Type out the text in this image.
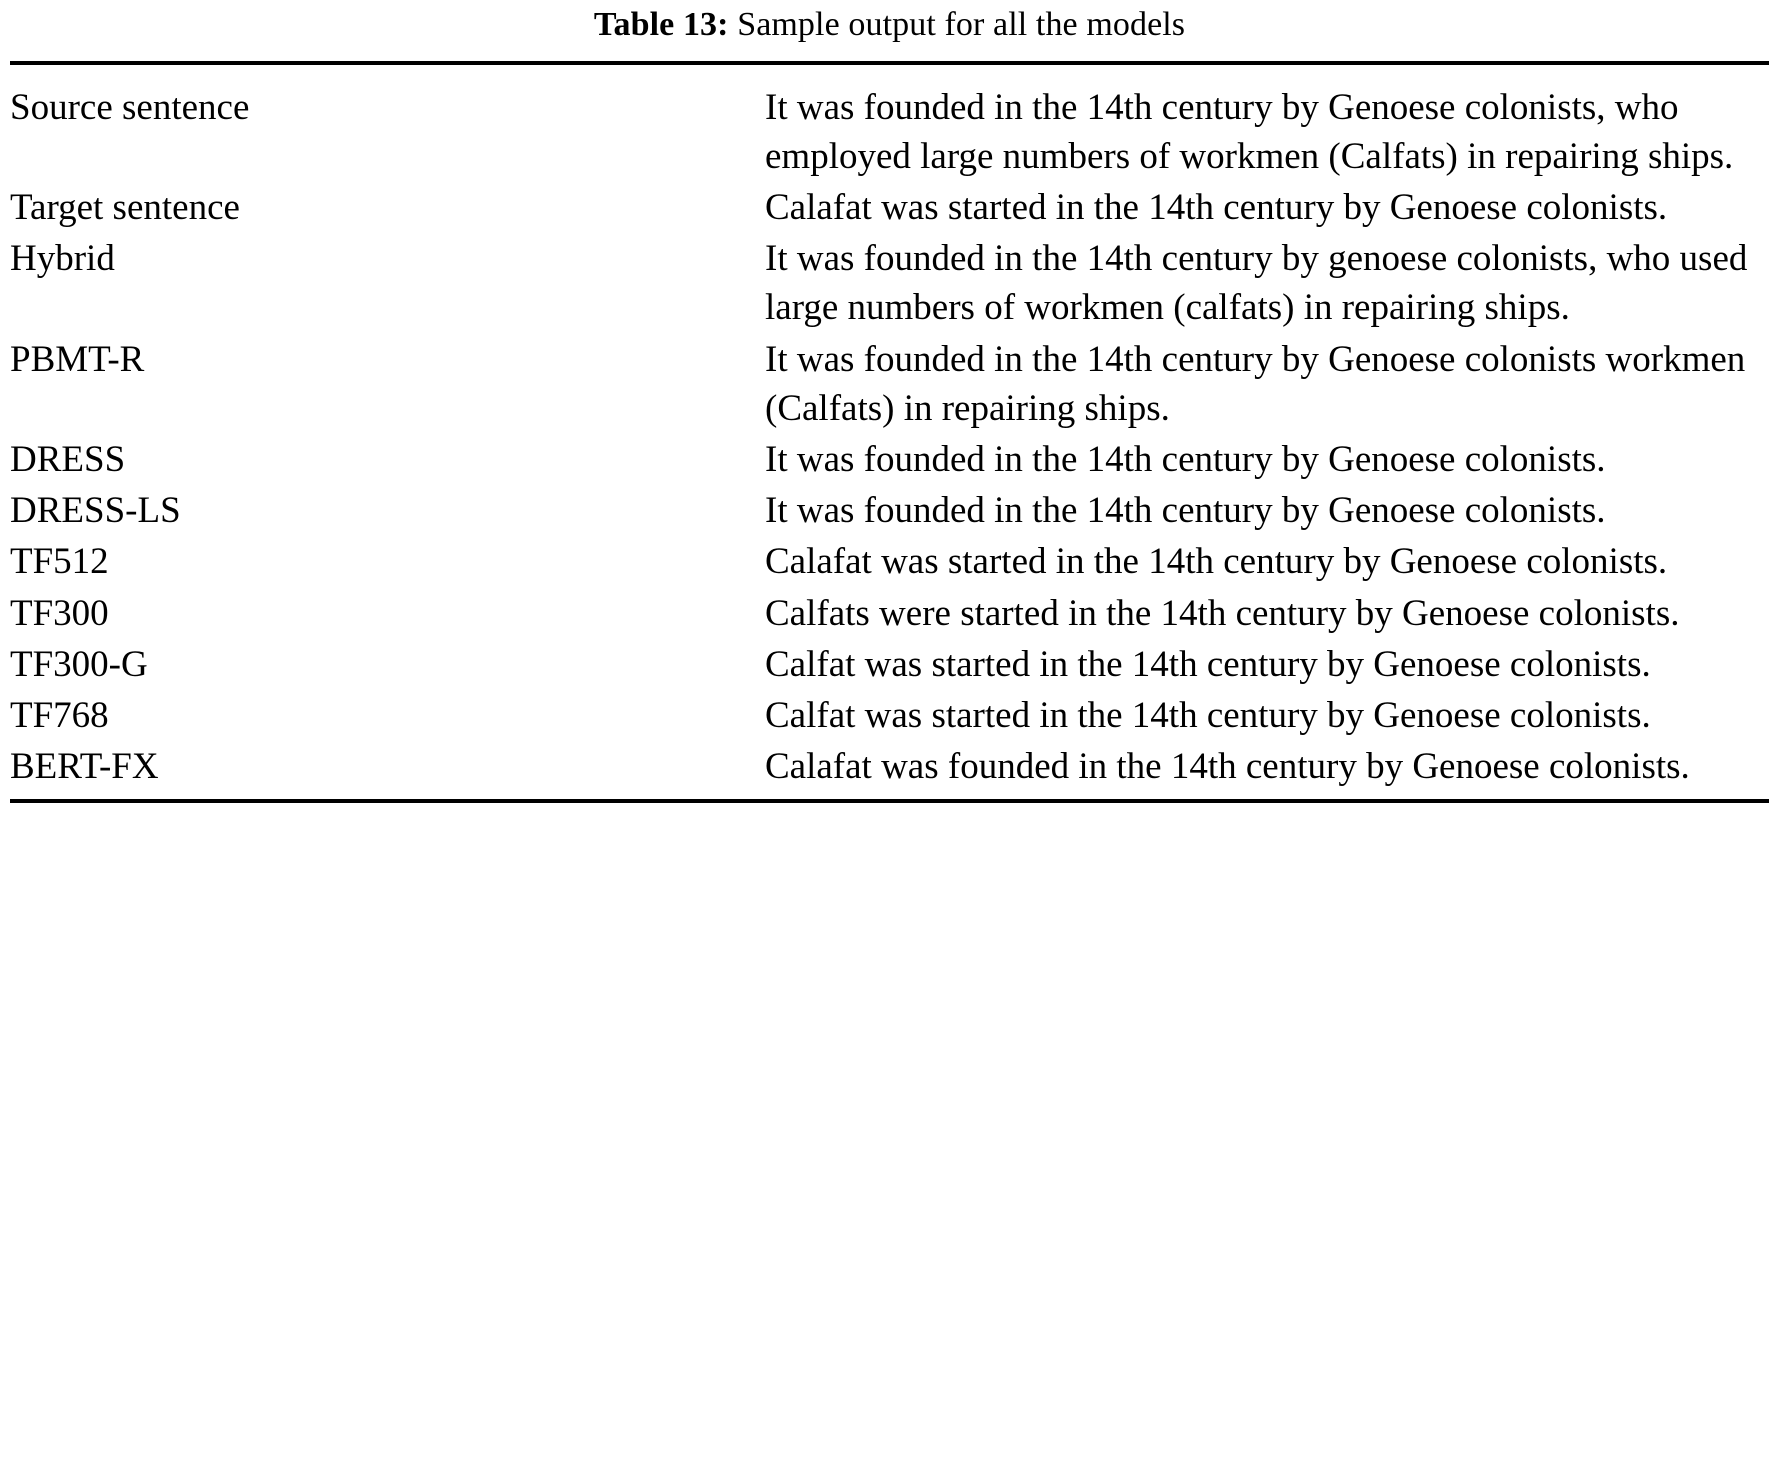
Table 13: Sample output for all the models
Source sentence	It was founded in the 14th century by Genoese colonists, who employed large numbers of workmen (Calfats) in repairing ships.
Target sentence	Calafat was started in the 14th century by Genoese colonists.
Hybrid	It was founded in the 14th century by genoese colonists, who used large numbers of workmen (calfats) in repairing ships.
PBMT-R	It was founded in the 14th century by Genoese colonists workmen (Calfats) in repairing ships.
DRESS	It was founded in the 14th century by Genoese colonists.
DRESS-LS	It was founded in the 14th century by Genoese colonists.
TF512	Calafat was started in the 14th century by Genoese colonists.
TF300	Calfats were started in the 14th century by Genoese colonists.
TF300-G	Calfat was started in the 14th century by Genoese colonists.
TF768	Calfat was started in the 14th century by Genoese colonists.
BERT-FX	Calafat was founded in the 14th century by Genoese colonists.
